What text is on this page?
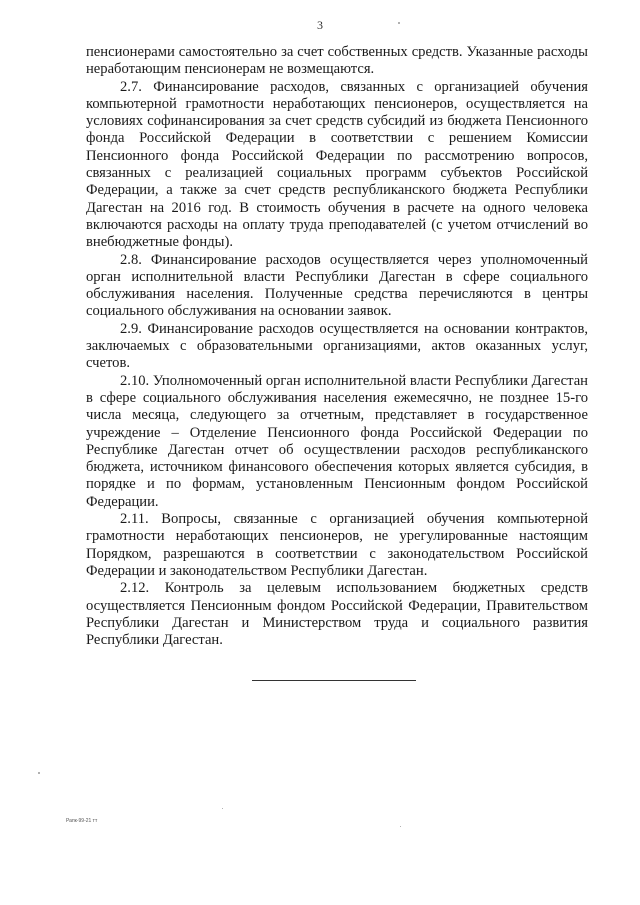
3

пенсионерами самостоятельно за счет собственных средств. Указанные расходы неработающим пенсионерам не возмещаются.

2.7. Финансирование расходов, связанных с организацией обучения компьютерной грамотности неработающих пенсионеров, осуществляется на условиях софинансирования за счет средств субсидий из бюджета Пенсионного фонда Российской Федерации в соответствии с решением Комиссии Пенсионного фонда Российской Федерации по рассмотрению вопросов, связанных с реализацией социальных программ субъектов Российской Федерации, а также за счет средств республиканского бюджета Республики Дагестан на 2016 год. В стоимость обучения в расчете на одного человека включаются расходы на оплату труда преподавателей (с учетом отчислений во внебюджетные фонды).

2.8. Финансирование расходов осуществляется через уполномоченный орган исполнительной власти Республики Дагестан в сфере социального обслуживания населения. Полученные средства перечисляются в центры социального обслуживания на основании заявок.

2.9. Финансирование расходов осуществляется на основании контрактов, заключаемых с образовательными организациями, актов оказанных услуг, счетов.

2.10. Уполномоченный орган исполнительной власти Республики Дагестан в сфере социального обслуживания населения ежемесячно, не позднее 15-го числа месяца, следующего за отчетным, представляет в государственное учреждение – Отделение Пенсионного фонда Российской Федерации по Республике Дагестан отчет об осуществлении расходов республиканского бюджета, источником финансового обеспечения которых является субсидия, в порядке и по формам, установленным Пенсионным фондом Российской Федерации.

2.11. Вопросы, связанные с организацией обучения компьютерной грамотности неработающих пенсионеров, не урегулированные настоящим Порядком, разрешаются в соответствии с законодательством Российской Федерации и законодательством Республики Дагестан.

2.12. Контроль за целевым использованием бюджетных средств осуществляется Пенсионным фондом Российской Федерации, Правительством Республики Дагестан и Министерством труда и социального развития Республики Дагестан.

Рапк-99-21 тт
